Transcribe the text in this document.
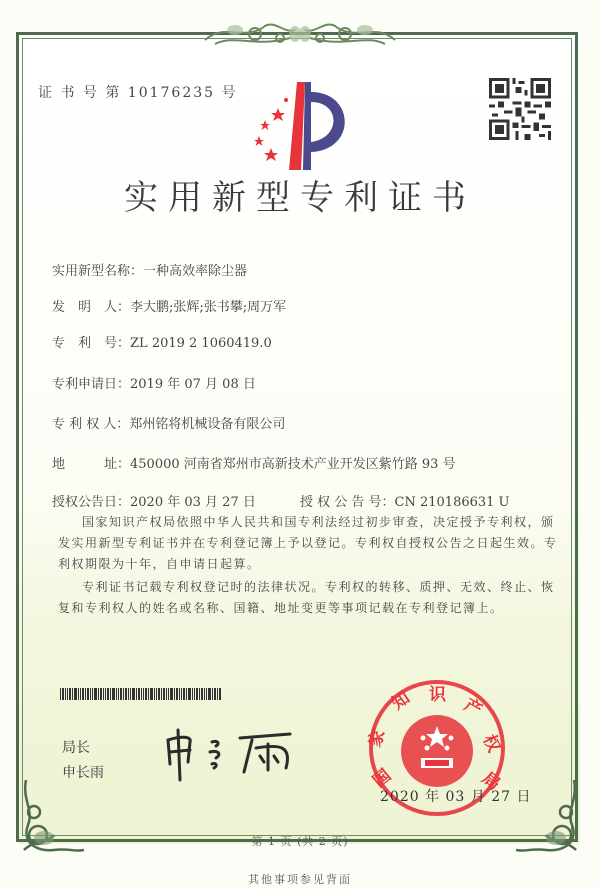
证 书 号 第 10176235 号
实用新型专利证书
实用新型名称：一种高效率除尘器
发　明　人：李大鹏;张辉;张书攀;周万军
专　利　号：ZL 2019 2 1060419.0
专利申请日：2019 年 07 月 08 日
专 利 权 人：郑州铭将机械设备有限公司
地　　　址：450000 河南省郑州市高新技术产业开发区紫竹路 93 号
授权公告日：2020 年 03 月 27 日	授 权 公 告 号：CN 210186631 U
国家知识产权局依照中华人民共和国专利法经过初步审查，决定授予专利权，颁发实用新型专利证书并在专利登记簿上予以登记。专利权自授权公告之日起生效。专利权期限为十年，自申请日起算。
专利证书记载专利权登记时的法律状况。专利权的转移、质押、无效、终止、恢复和专利权人的姓名或名称、国籍、地址变更等事项记载在专利登记簿上。
局长
申长雨	国
家
知 识
产
权
局
2020 年 03 月 27 日
第 1 页 (共 2 页)
其他事项参见背面
